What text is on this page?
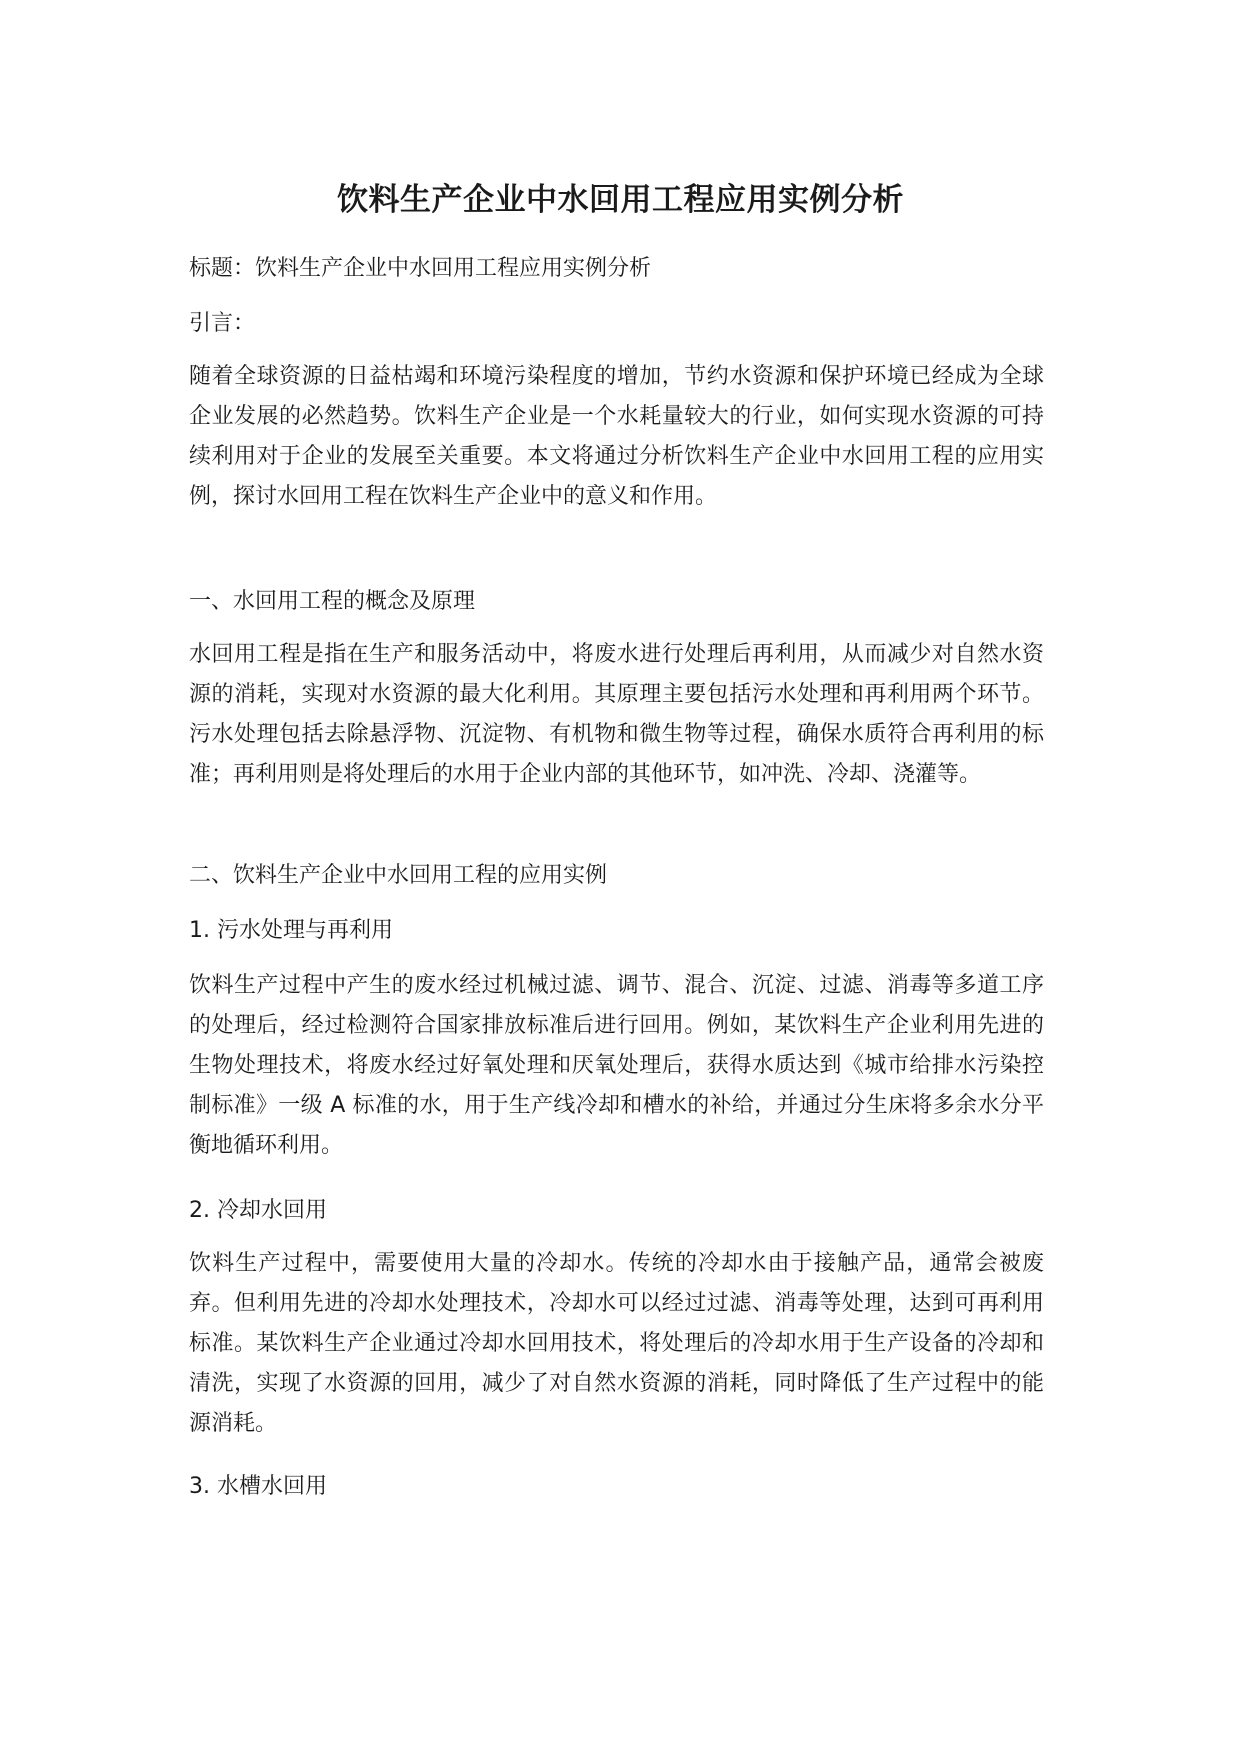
饮料生产企业中水回用工程应用实例分析

标题：饮料生产企业中水回用工程应用实例分析

引言：

随着全球资源的日益枯竭和环境污染程度的增加，节约水资源和保护环境已经成为全球企业发展的必然趋势。饮料生产企业是一个水耗量较大的行业，如何实现水资源的可持续利用对于企业的发展至关重要。本文将通过分析饮料生产企业中水回用工程的应用实例，探讨水回用工程在饮料生产企业中的意义和作用。

一、水回用工程的概念及原理

水回用工程是指在生产和服务活动中，将废水进行处理后再利用，从而减少对自然水资源的消耗，实现对水资源的最大化利用。其原理主要包括污水处理和再利用两个环节。污水处理包括去除悬浮物、沉淀物、有机物和微生物等过程，确保水质符合再利用的标准；再利用则是将处理后的水用于企业内部的其他环节，如冲洗、冷却、浇灌等。

二、饮料生产企业中水回用工程的应用实例

1. 污水处理与再利用

饮料生产过程中产生的废水经过机械过滤、调节、混合、沉淀、过滤、消毒等多道工序的处理后，经过检测符合国家排放标准后进行回用。例如，某饮料生产企业利用先进的生物处理技术，将废水经过好氧处理和厌氧处理后，获得水质达到《城市给排水污染控制标准》一级 A 标准的水，用于生产线冷却和槽水的补给，并通过分生床将多余水分平衡地循环利用。

2. 冷却水回用

饮料生产过程中，需要使用大量的冷却水。传统的冷却水由于接触产品，通常会被废弃。但利用先进的冷却水处理技术，冷却水可以经过过滤、消毒等处理，达到可再利用标准。某饮料生产企业通过冷却水回用技术，将处理后的冷却水用于生产设备的冷却和清洗，实现了水资源的回用，减少了对自然水资源的消耗，同时降低了生产过程中的能源消耗。

3. 水槽水回用
